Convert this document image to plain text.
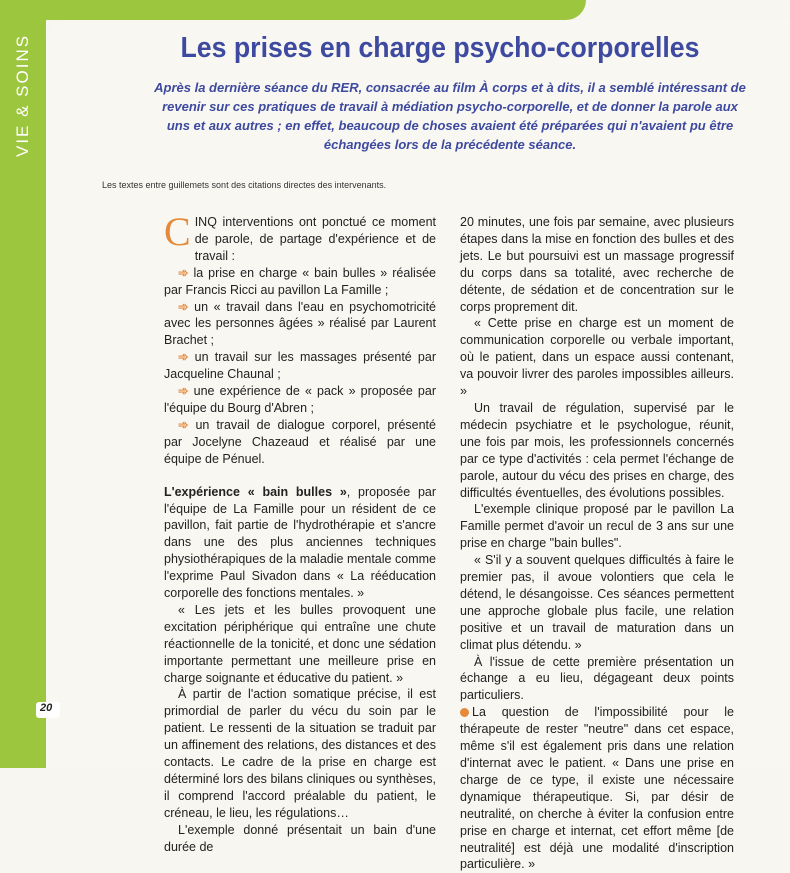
VIE & SOINS
20
Les prises en charge psycho-corporelles
Après la dernière séance du RER, consacrée au film À corps et à dits, il a semblé intéressant de revenir sur ces pratiques de travail à médiation psycho-corporelle, et de donner la parole aux uns et aux autres ; en effet, beaucoup de choses avaient été préparées qui n'avaient pu être échangées lors de la précédente séance.
Les textes entre guillemets sont des citations directes des intervenants.

CINQ interventions ont ponctué ce moment de parole, de partage d'expérience et de travail :

➾ la prise en charge « bain bulles » réalisée par Francis Ricci au pavillon La Famille ;

➾ un « travail dans l'eau en psychomotricité avec les personnes âgées » réalisé par Laurent Brachet ;

➾ un travail sur les massages présenté par Jacqueline Chaunal ;

➾ une expérience de « pack » proposée par l'équipe du Bourg d'Abren ;

➾ un travail de dialogue corporel, présenté par Jocelyne Chazeaud et réalisé par une équipe de Pénuel.

L'expérience « bain bulles », proposée par l'équipe de La Famille pour un résident de ce pavillon, fait partie de l'hydrothérapie et s'ancre dans une des plus anciennes techniques physiothérapiques de la maladie mentale comme l'exprime Paul Sivadon dans « La rééducation corporelle des fonctions mentales. »

« Les jets et les bulles provoquent une excitation périphérique qui entraîne une chute réactionnelle de la tonicité, et donc une sédation importante permettant une meilleure prise en charge soignante et éducative du patient. »

À partir de l'action somatique précise, il est primordial de parler du vécu du soin par le patient. Le ressenti de la situation se traduit par un affinement des relations, des distances et des contacts. Le cadre de la prise en charge est déterminé lors des bilans cliniques ou synthèses, il comprend l'accord préalable du patient, le créneau, le lieu, les régulations…

L'exemple donné présentait un bain d'une durée de

20 minutes, une fois par semaine, avec plusieurs étapes dans la mise en fonction des bulles et des jets. Le but poursuivi est un massage progressif du corps dans sa totalité, avec recherche de détente, de sédation et de concentration sur le corps proprement dit.

« Cette prise en charge est un moment de communication corporelle ou verbale important, où le patient, dans un espace aussi contenant, va pouvoir livrer des paroles impossibles ailleurs. »

Un travail de régulation, supervisé par le médecin psychiatre et le psychologue, réunit, une fois par mois, les professionnels concernés par ce type d'activités : cela permet l'échange de parole, autour du vécu des prises en charge, des difficultés éventuelles, des évolutions possibles.

L'exemple clinique proposé par le pavillon La Famille permet d'avoir un recul de 3 ans sur une prise en charge "bain bulles".

« S'il y a souvent quelques difficultés à faire le premier pas, il avoue volontiers que cela le détend, le désangoisse. Ces séances permettent une approche globale plus facile, une relation positive et un travail de maturation dans un climat plus détendu. »

À l'issue de cette première présentation un échange a eu lieu, dégageant deux points particuliers.

La question de l'impossibilité pour le thérapeute de rester "neutre" dans cet espace, même s'il est également pris dans une relation d'internat avec le patient. « Dans une prise en charge de ce type, il existe une nécessaire dynamique thérapeutique. Si, par désir de neutralité, on cherche à éviter la confusion entre prise en charge et internat, cet effort même [de neutralité] est déjà une modalité d'inscription particulière. »
